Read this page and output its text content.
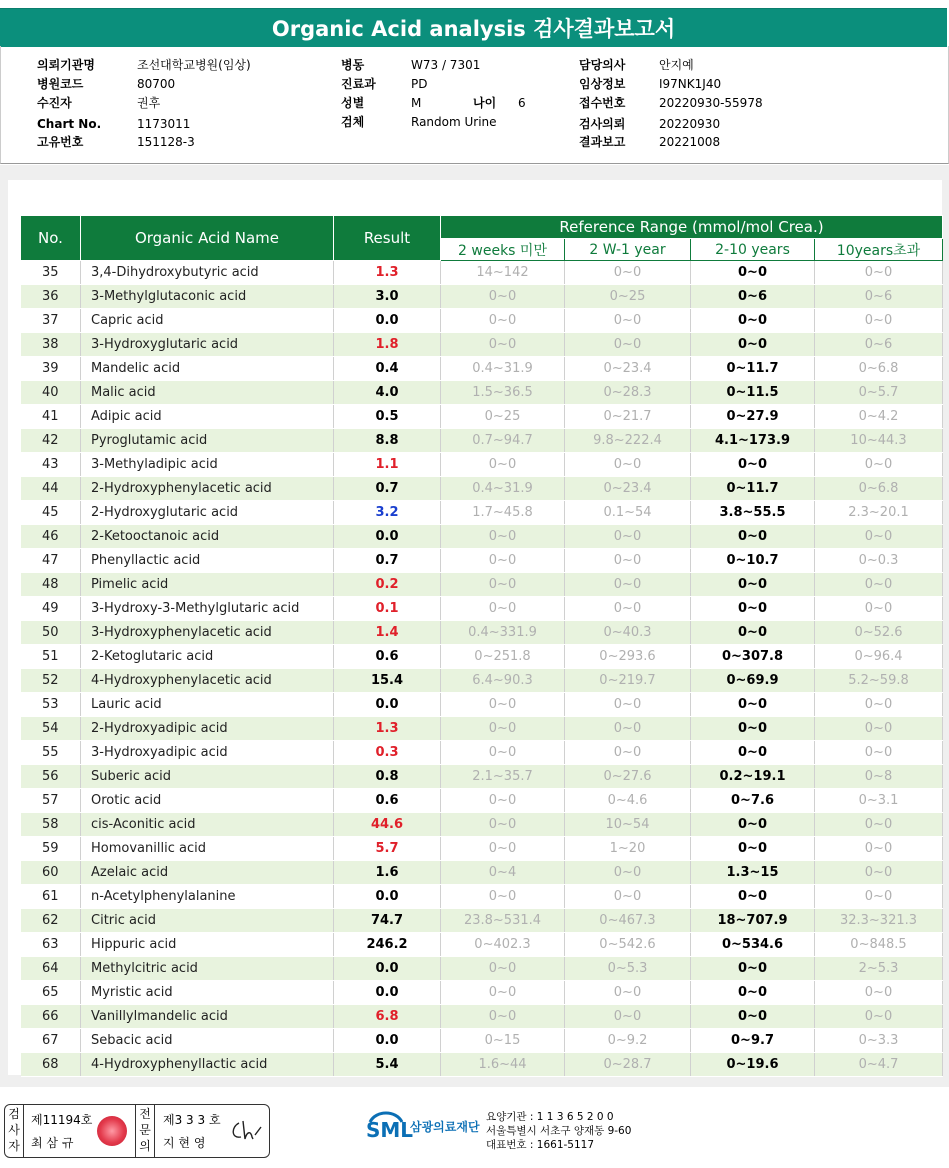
Organic Acid analysis 검사결과보고서
의뢰기관명	조선대학교병원(임상)
병원코드	80700
수진자	권후
Chart No.	1173011
고유번호	151128-3
병동	W73 / 7301
진료과	PD
성별	M	나이 6
검체	Random Urine
담당의사	안지예
임상정보	I97NK1J40
접수번호	20220930-55978
검사의뢰	20220930
결과보고	20221008
No.	Organic Acid Name	Result	Reference Range (mmol/mol Crea.)			
			2 weeks 미만	2 W-1 year	2-10 years	10years초과
35	3,4-Dihydroxybutyric acid	1.3	14~142	0~0	0~0	0~0
36	3-Methylglutaconic acid	3.0	0~0	0~25	0~6	0~6
37	Capric acid	0.0	0~0	0~0	0~0	0~0
38	3-Hydroxyglutaric acid	1.8	0~0	0~0	0~0	0~6
39	Mandelic acid	0.4	0.4~31.9	0~23.4	0~11.7	0~6.8
40	Malic acid	4.0	1.5~36.5	0~28.3	0~11.5	0~5.7
41	Adipic acid	0.5	0~25	0~21.7	0~27.9	0~4.2
42	Pyroglutamic acid	8.8	0.7~94.7	9.8~222.4	4.1~173.9	10~44.3
43	3-Methyladipic acid	1.1	0~0	0~0	0~0	0~0
44	2-Hydroxyphenylacetic acid	0.7	0.4~31.9	0~23.4	0~11.7	0~6.8
45	2-Hydroxyglutaric acid	3.2	1.7~45.8	0.1~54	3.8~55.5	2.3~20.1
46	2-Ketooctanoic acid	0.0	0~0	0~0	0~0	0~0
47	Phenyllactic acid	0.7	0~0	0~0	0~10.7	0~0.3
48	Pimelic acid	0.2	0~0	0~0	0~0	0~0
49	3-Hydroxy-3-Methylglutaric acid	0.1	0~0	0~0	0~0	0~0
50	3-Hydroxyphenylacetic acid	1.4	0.4~331.9	0~40.3	0~0	0~52.6
51	2-Ketoglutaric acid	0.6	0~251.8	0~293.6	0~307.8	0~96.4
52	4-Hydroxyphenylacetic acid	15.4	6.4~90.3	0~219.7	0~69.9	5.2~59.8
53	Lauric acid	0.0	0~0	0~0	0~0	0~0
54	2-Hydroxyadipic acid	1.3	0~0	0~0	0~0	0~0
55	3-Hydroxyadipic acid	0.3	0~0	0~0	0~0	0~0
56	Suberic acid	0.8	2.1~35.7	0~27.6	0.2~19.1	0~8
57	Orotic acid	0.6	0~0	0~4.6	0~7.6	0~3.1
58	cis-Aconitic acid	44.6	0~0	10~54	0~0	0~0
59	Homovanillic acid	5.7	0~0	1~20	0~0	0~0
60	Azelaic acid	1.6	0~4	0~0	1.3~15	0~0
61	n-Acetylphenylalanine	0.0	0~0	0~0	0~0	0~0
62	Citric acid	74.7	23.8~531.4	0~467.3	18~707.9	32.3~321.3
63	Hippuric acid	246.2	0~402.3	0~542.6	0~534.6	0~848.5
64	Methylcitric acid	0.0	0~0	0~5.3	0~0	2~5.3
65	Myristic acid	0.0	0~0	0~0	0~0	0~0
66	Vanillylmandelic acid	6.8	0~0	0~0	0~0	0~0
67	Sebacic acid	0.0	0~15	0~9.2	0~9.7	0~3.3
68	4-Hydroxyphenyllactic acid	5.4	1.6~44	0~28.7	0~19.6	0~4.7
검사자
제11194호
최 삼 규
전문의
제3 3 3 호
지 현 영
SML
삼광의료재단
요양기관 : 1 1 3 6 5 2 0 0
서울특별시 서초구 양재동 9-60
대표번호 : 1661-5117
